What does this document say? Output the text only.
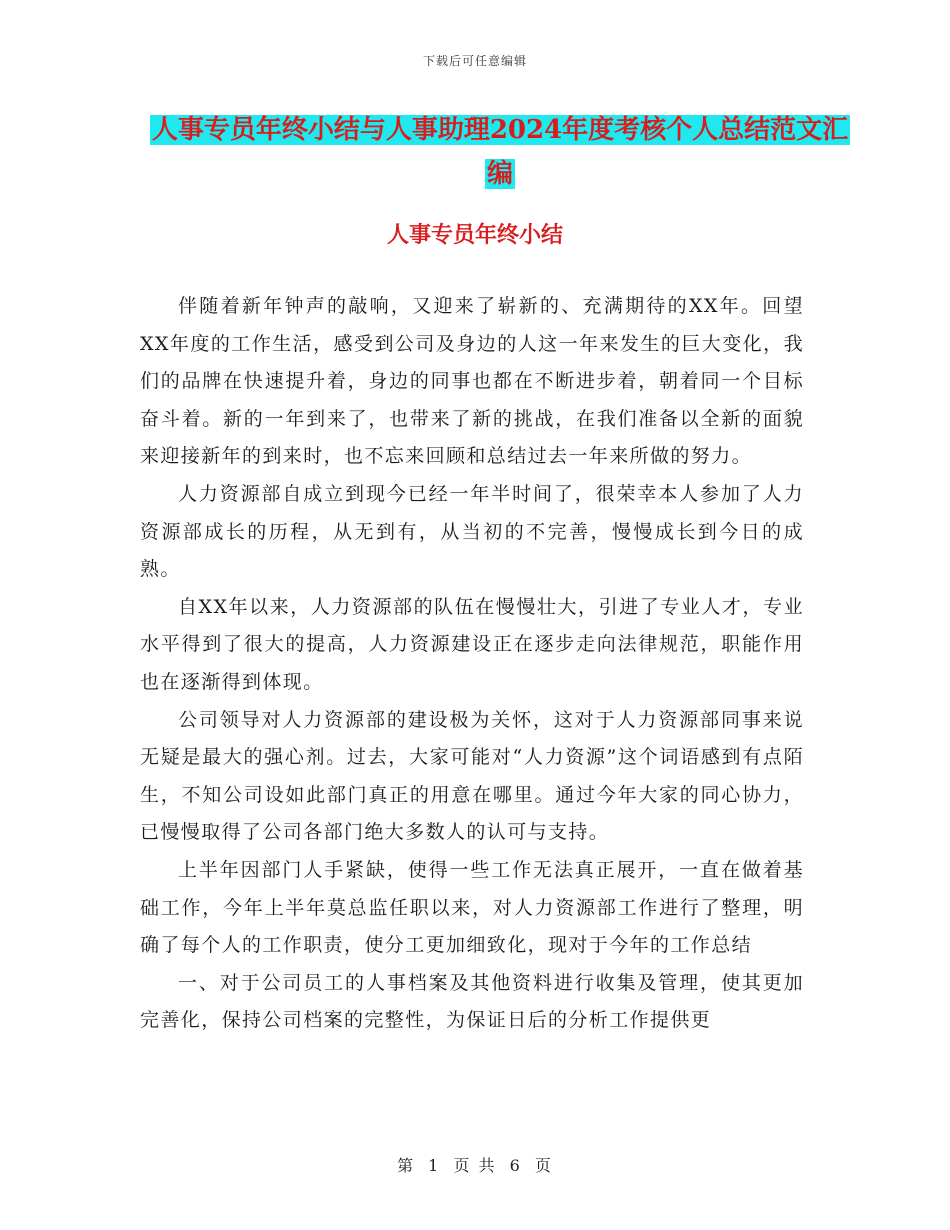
下载后可任意编辑
人事专员年终小结与人事助理2024年度考核个人总结范文汇编
人事专员年终小结

伴随着新年钟声的敲响，又迎来了崭新的、充满期待的XX年。回望XX年度的工作生活，感受到公司及身边的人这一年来发生的巨大变化，我们的品牌在快速提升着，身边的同事也都在不断进步着，朝着同一个目标奋斗着。新的一年到来了，也带来了新的挑战，在我们准备以全新的面貌来迎接新年的到来时，也不忘来回顾和总结过去一年来所做的努力。

人力资源部自成立到现今已经一年半时间了，很荣幸本人参加了人力资源部成长的历程，从无到有，从当初的不完善，慢慢成长到今日的成熟。

自XX年以来，人力资源部的队伍在慢慢壮大，引进了专业人才，专业水平得到了很大的提高，人力资源建设正在逐步走向法律规范，职能作用也在逐渐得到体现。

公司领导对人力资源部的建设极为关怀，这对于人力资源部同事来说无疑是最大的强心剂。过去，大家可能对“人力资源”这个词语感到有点陌生，不知公司设如此部门真正的用意在哪里。通过今年大家的同心协力，已慢慢取得了公司各部门绝大多数人的认可与支持。

上半年因部门人手紧缺，使得一些工作无法真正展开，一直在做着基础工作，今年上半年莫总监任职以来，对人力资源部工作进行了整理，明确了每个人的工作职责，使分工更加细致化，现对于今年的工作总结

一、对于公司员工的人事档案及其他资料进行收集及管理，使其更加完善化，保持公司档案的完整性，为保证日后的分析工作提供更

第 1 页 共 6 页
